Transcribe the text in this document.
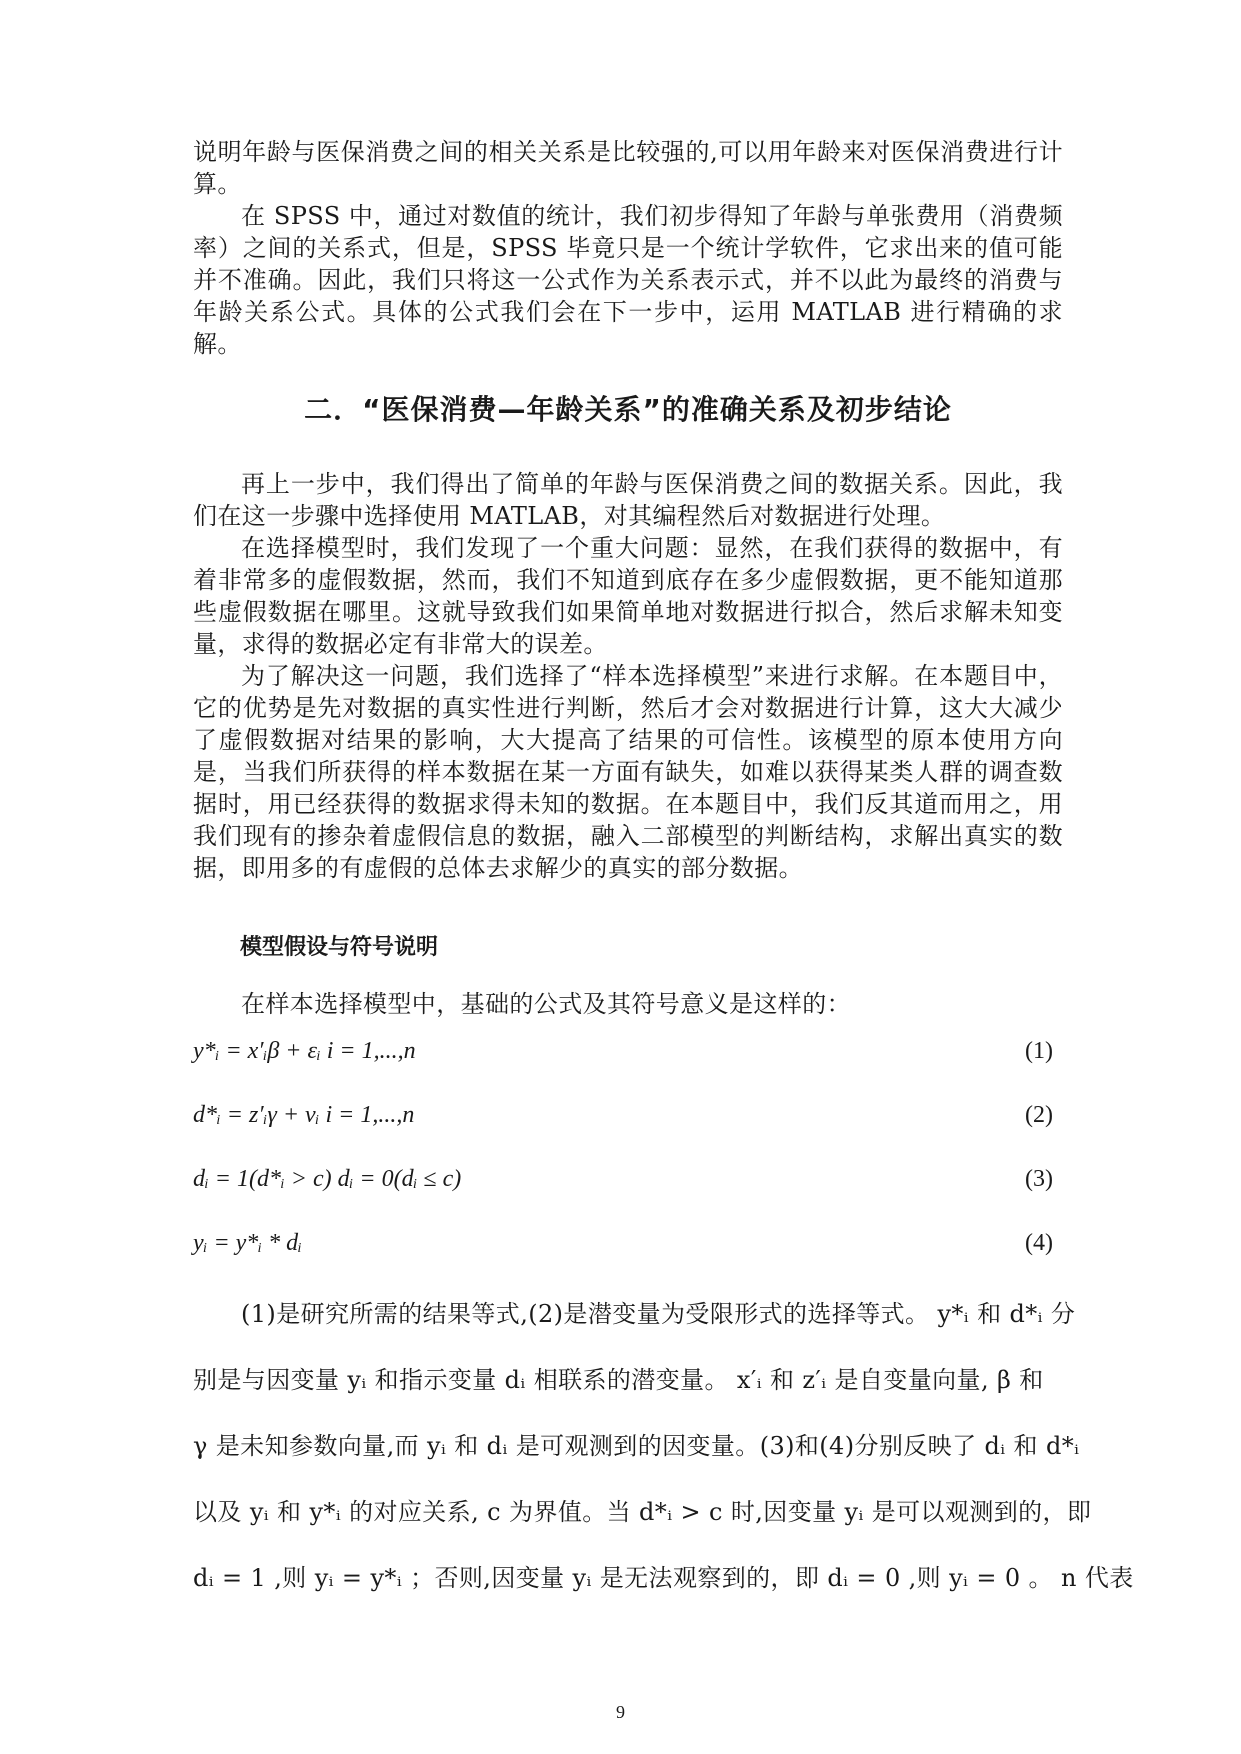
说明年龄与医保消费之间的相关关系是比较强的,可以用年龄来对医保消费进行计算。
在 SPSS 中，通过对数值的统计，我们初步得知了年龄与单张费用（消费频率）之间的关系式，但是，SPSS 毕竟只是一个统计学软件，它求出来的值可能并不准确。因此，我们只将这一公式作为关系表示式，并不以此为最终的消费与年龄关系公式。具体的公式我们会在下一步中，运用 MATLAB 进行精确的求解。
二．“医保消费—年龄关系”的准确关系及初步结论
再上一步中，我们得出了简单的年龄与医保消费之间的数据关系。因此，我们在这一步骤中选择使用 MATLAB，对其编程然后对数据进行处理。
在选择模型时，我们发现了一个重大问题：显然，在我们获得的数据中，有着非常多的虚假数据，然而，我们不知道到底存在多少虚假数据，更不能知道那些虚假数据在哪里。这就导致我们如果简单地对数据进行拟合，然后求解未知变量，求得的数据必定有非常大的误差。
为了解决这一问题，我们选择了“样本选择模型”来进行求解。在本题目中，它的优势是先对数据的真实性进行判断，然后才会对数据进行计算，这大大减少了虚假数据对结果的影响，大大提高了结果的可信性。该模型的原本使用方向是，当我们所获得的样本数据在某一方面有缺失，如难以获得某类人群的调查数据时，用已经获得的数据求得未知的数据。在本题目中，我们反其道而用之，用我们现有的掺杂着虚假信息的数据，融入二部模型的判断结构，求解出真实的数据，即用多的有虚假的总体去求解少的真实的部分数据。
模型假设与符号说明
在样本选择模型中，基础的公式及其符号意义是这样的：
y*ᵢ = x′ᵢβ + εᵢ i = 1,...,n	(1)
d*ᵢ = z′ᵢγ + vᵢ i = 1,...,n	(2)
dᵢ = 1(d*ᵢ > c) dᵢ = 0(dᵢ ≤ c)	(3)
yᵢ = y*ᵢ * dᵢ	(4)
(1)是研究所需的结果等式,(2)是潜变量为受限形式的选择等式。 y*ᵢ 和 d*ᵢ 分
别是与因变量 yᵢ 和指示变量 dᵢ 相联系的潜变量。 x′ᵢ 和 z′ᵢ 是自变量向量, β 和
γ 是未知参数向量,而 yᵢ 和 dᵢ 是可观测到的因变量。(3)和(4)分别反映了 dᵢ 和 d*ᵢ
以及 yᵢ 和 y*ᵢ 的对应关系, c 为界值。当 d*ᵢ > c 时,因变量 yᵢ 是可以观测到的，即
dᵢ = 1 ,则 yᵢ = y*ᵢ ；否则,因变量 yᵢ 是无法观察到的，即 dᵢ = 0 ,则 yᵢ = 0 。 n 代表
9
